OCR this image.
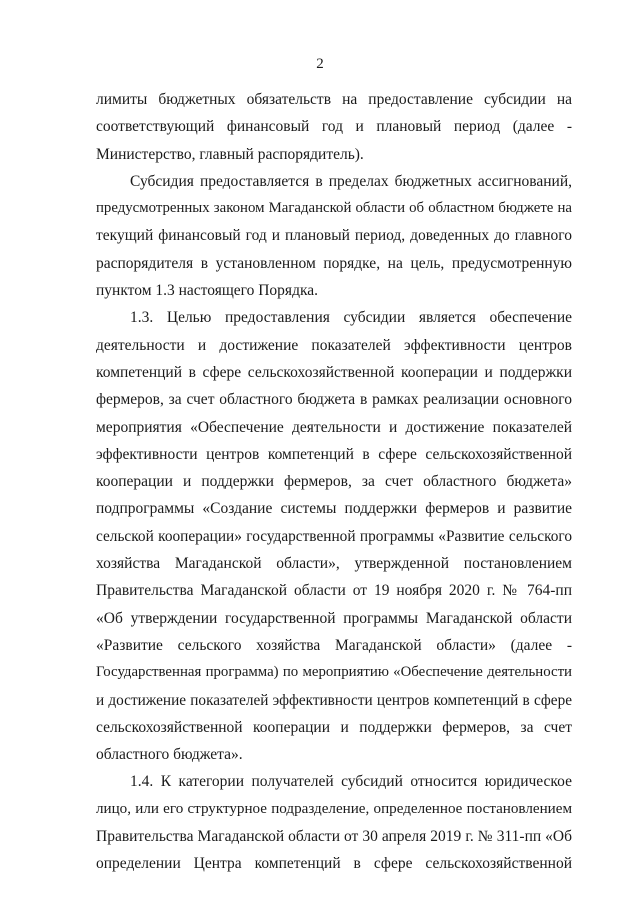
2

лимиты бюджетных обязательств на предоставление субсидии на
соответствующий финансовый год и плановый период (далее -
Министерство, главный распорядитель).

Субсидия предоставляется в пределах бюджетных ассигнований,
предусмотренных законом Магаданской области об областном бюджете на
текущий финансовый год и плановый период, доведенных до главного
распорядителя в установленном порядке, на цель, предусмотренную
пунктом 1.3 настоящего Порядка.

1.3. Целью предоставления субсидии является обеспечение
деятельности и достижение показателей эффективности центров
компетенций в сфере сельскохозяйственной кооперации и поддержки
фермеров, за счет областного бюджета в рамках реализации основного
мероприятия «Обеспечение деятельности и достижение показателей
эффективности центров компетенций в сфере сельскохозяйственной
кооперации и поддержки фермеров, за счет областного бюджета»
подпрограммы «Создание системы поддержки фермеров и развитие
сельской кооперации» государственной программы «Развитие сельского
хозяйства Магаданской области», утвержденной постановлением
Правительства Магаданской области от 19 ноября 2020 г. № 764-пп
«Об утверждении государственной программы Магаданской области
«Развитие сельского хозяйства Магаданской области» (далее -
Государственная программа) по мероприятию «Обеспечение деятельности
и достижение показателей эффективности центров компетенций в сфере
сельскохозяйственной кооперации и поддержки фермеров, за счет
областного бюджета».

1.4. К категории получателей субсидий относится юридическое
лицо, или его структурное подразделение, определенное постановлением
Правительства Магаданской области от 30 апреля 2019 г. № 311-пп «Об
определении Центра компетенций в сфере сельскохозяйственной
